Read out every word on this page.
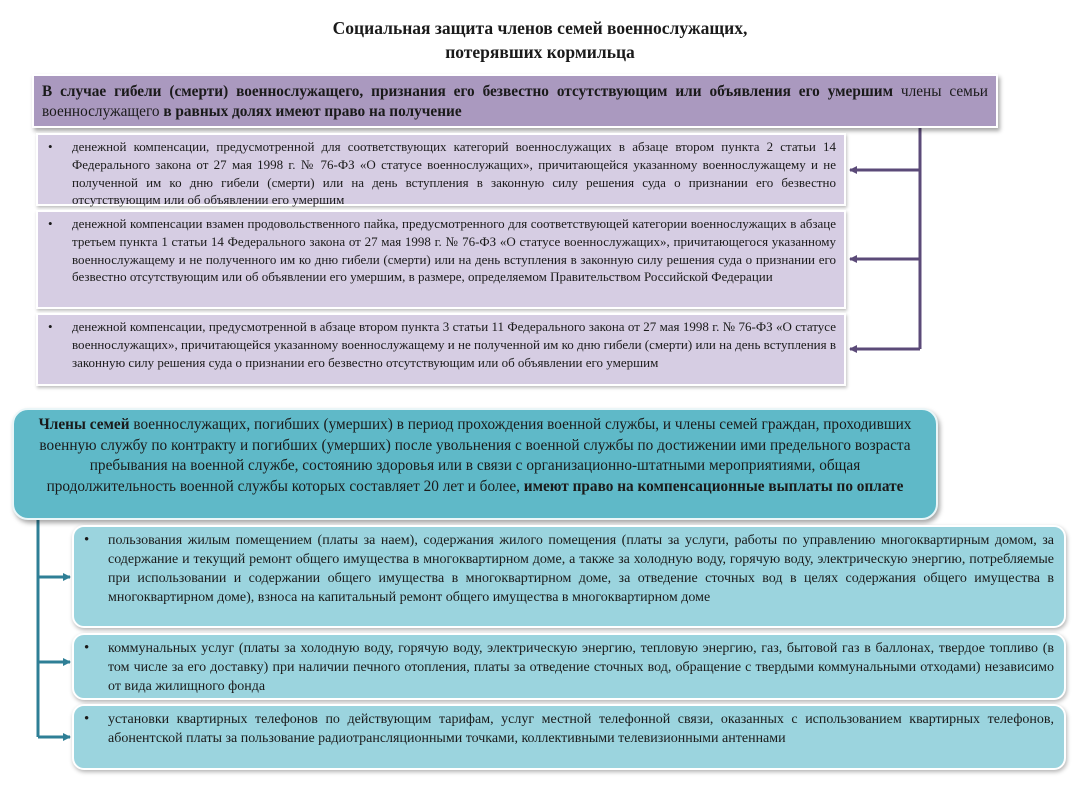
Социальная защита членов семей военнослужащих,
потерявших кормильца
В случае гибели (смерти) военнослужащего, признания его безвестно отсутствующим или объявления его умершим члены семьи военнослужащего в равных долях имеют право на получение
• денежной компенсации, предусмотренной для соответствующих категорий военнослужащих в абзаце втором пункта 2 статьи 14 Федерального закона от 27 мая 1998 г. № 76-ФЗ «О статусе военнослужащих», причитающейся указанному военнослужащему и не полученной им ко дню гибели (смерти) или на день вступления в законную силу решения суда о признании его безвестно отсутствующим или об объявлении его умершим
• денежной компенсации взамен продовольственного пайка, предусмотренного для соответствующей категории военнослужащих в абзаце третьем пункта 1 статьи 14 Федерального закона от 27 мая 1998 г. № 76-ФЗ «О статусе военнослужащих», причитающегося указанному военнослужащему и не полученного им ко дню гибели (смерти) или на день вступления в законную силу решения суда о признании его безвестно отсутствующим или об объявлении его умершим, в размере, определяемом Правительством Российской Федерации
• денежной компенсации, предусмотренной в абзаце втором пункта 3 статьи 11 Федерального закона от 27 мая 1998 г. № 76-ФЗ «О статусе военнослужащих», причитающейся указанному военнослужащему и не полученной им ко дню гибели (смерти) или на день вступления в законную силу решения суда о признании его безвестно отсутствующим или об объявлении его умершим
Члены семей военнослужащих, погибших (умерших) в период прохождения военной службы, и члены семей граждан, проходивших военную службу по контракту и погибших (умерших) после увольнения с военной службы по достижении ими предельного возраста пребывания на военной службе, состоянию здоровья или в связи с организационно-штатными мероприятиями, общая продолжительность военной службы которых составляет 20 лет и более, имеют право на компенсационные выплаты по оплате
• пользования жилым помещением (платы за наем), содержания жилого помещения (платы за услуги, работы по управлению многоквартирным домом, за содержание и текущий ремонт общего имущества в многоквартирном доме, а также за холодную воду, горячую воду, электрическую энергию, потребляемые при использовании и содержании общего имущества в многоквартирном доме, за отведение сточных вод в целях содержания общего имущества в многоквартирном доме), взноса на капитальный ремонт общего имущества в многоквартирном доме
• коммунальных услуг (платы за холодную воду, горячую воду, электрическую энергию, тепловую энергию, газ, бытовой газ в баллонах, твердое топливо (в том числе за его доставку) при наличии печного отопления, платы за отведение сточных вод, обращение с твердыми коммунальными отходами) независимо от вида жилищного фонда
• установки квартирных телефонов по действующим тарифам, услуг местной телефонной связи, оказанных с использованием квартирных телефонов, абонентской платы за пользование радиотрансляционными точками, коллективными телевизионными антеннами
